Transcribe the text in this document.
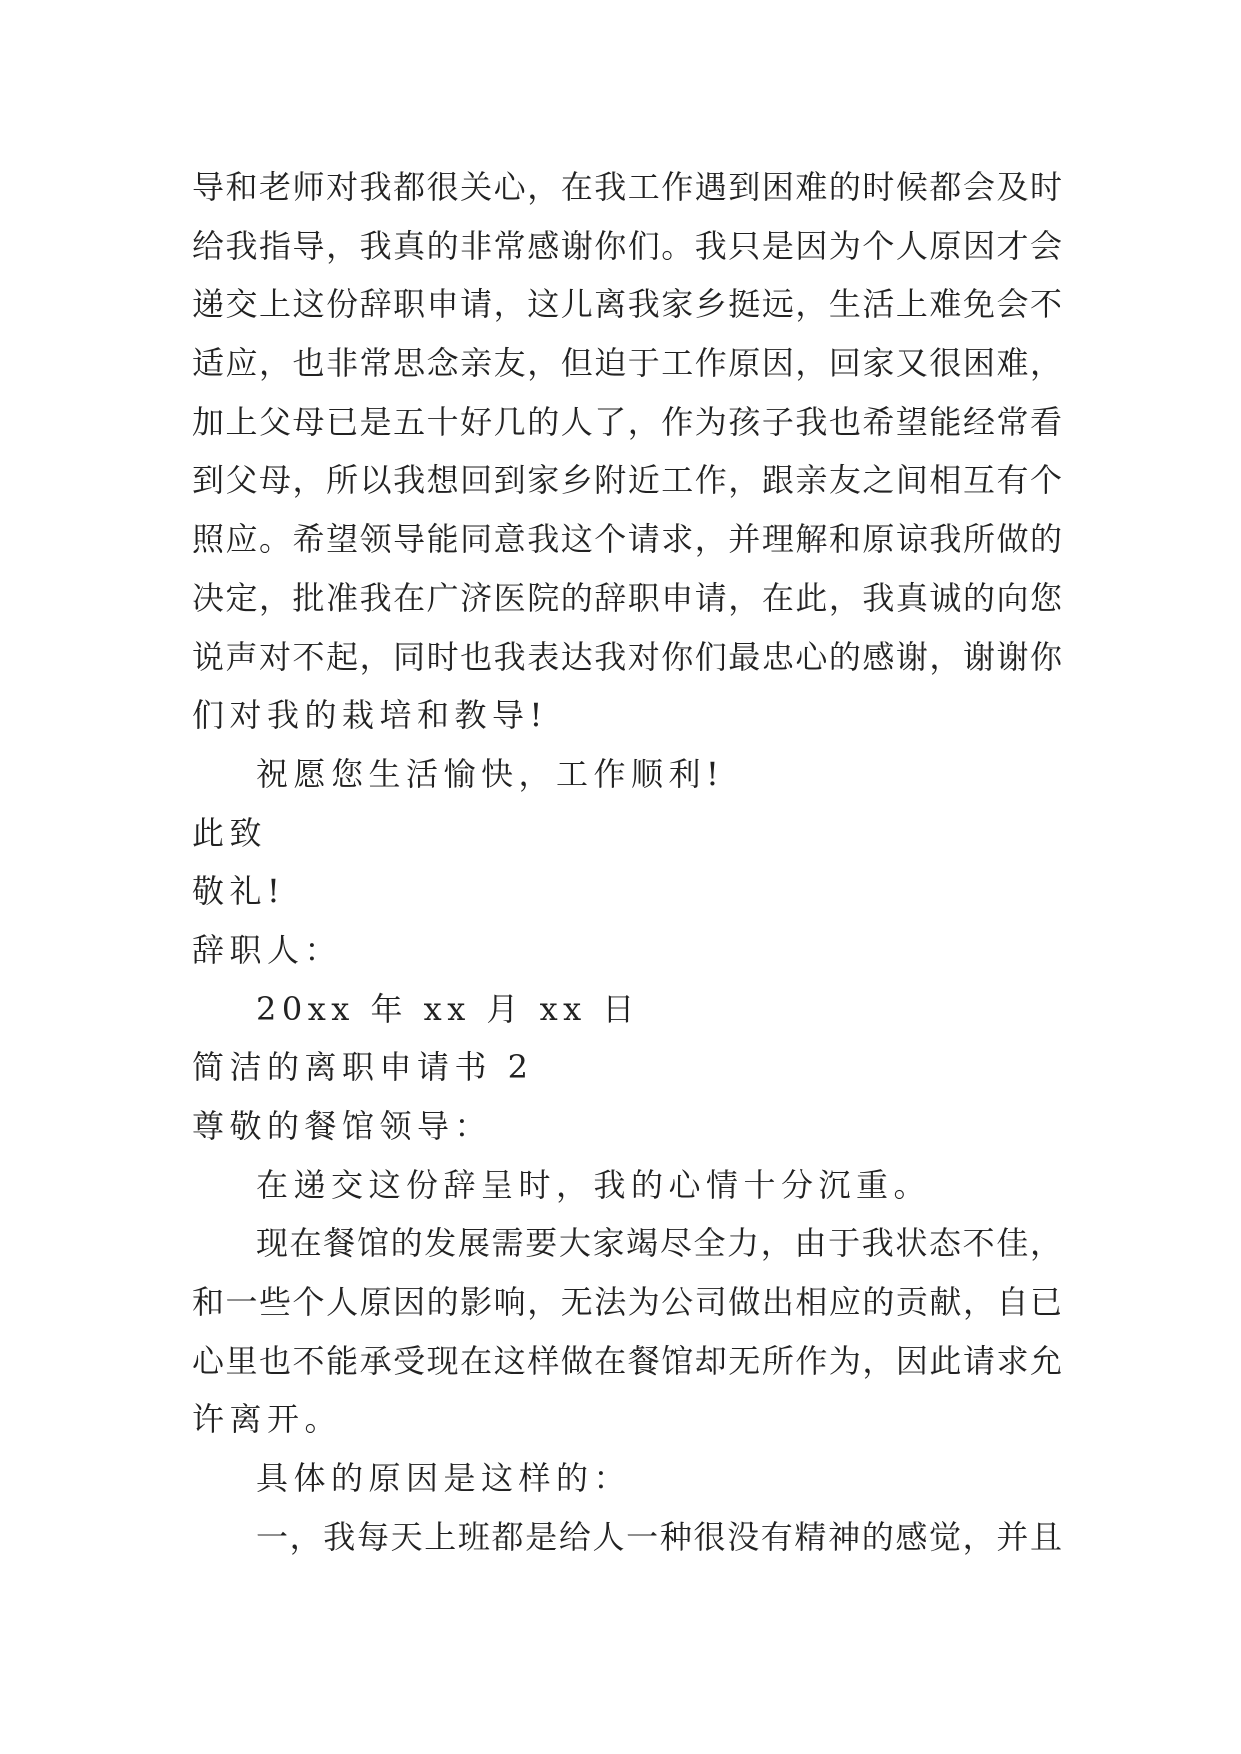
导和老师对我都很关心，在我工作遇到困难的时候都会及时
给我指导，我真的非常感谢你们。我只是因为个人原因才会
递交上这份辞职申请，这儿离我家乡挺远，生活上难免会不
适应，也非常思念亲友，但迫于工作原因，回家又很困难，
加上父母已是五十好几的人了，作为孩子我也希望能经常看
到父母，所以我想回到家乡附近工作，跟亲友之间相互有个
照应。希望领导能同意我这个请求，并理解和原谅我所做的
决定，批准我在广济医院的辞职申请，在此，我真诚的向您
说声对不起，同时也我表达我对你们最忠心的感谢，谢谢你
们对我的栽培和教导!
祝愿您生活愉快，工作顺利!
此致
敬礼!
辞职人：
20xx 年 xx 月 xx 日
简洁的离职申请书 2
尊敬的餐馆领导：
在递交这份辞呈时，我的心情十分沉重。
现在餐馆的发展需要大家竭尽全力，由于我状态不佳，
和一些个人原因的影响，无法为公司做出相应的贡献，自已
心里也不能承受现在这样做在餐馆却无所作为，因此请求允
许离开。
具体的原因是这样的：
一，我每天上班都是给人一种很没有精神的感觉，并且
